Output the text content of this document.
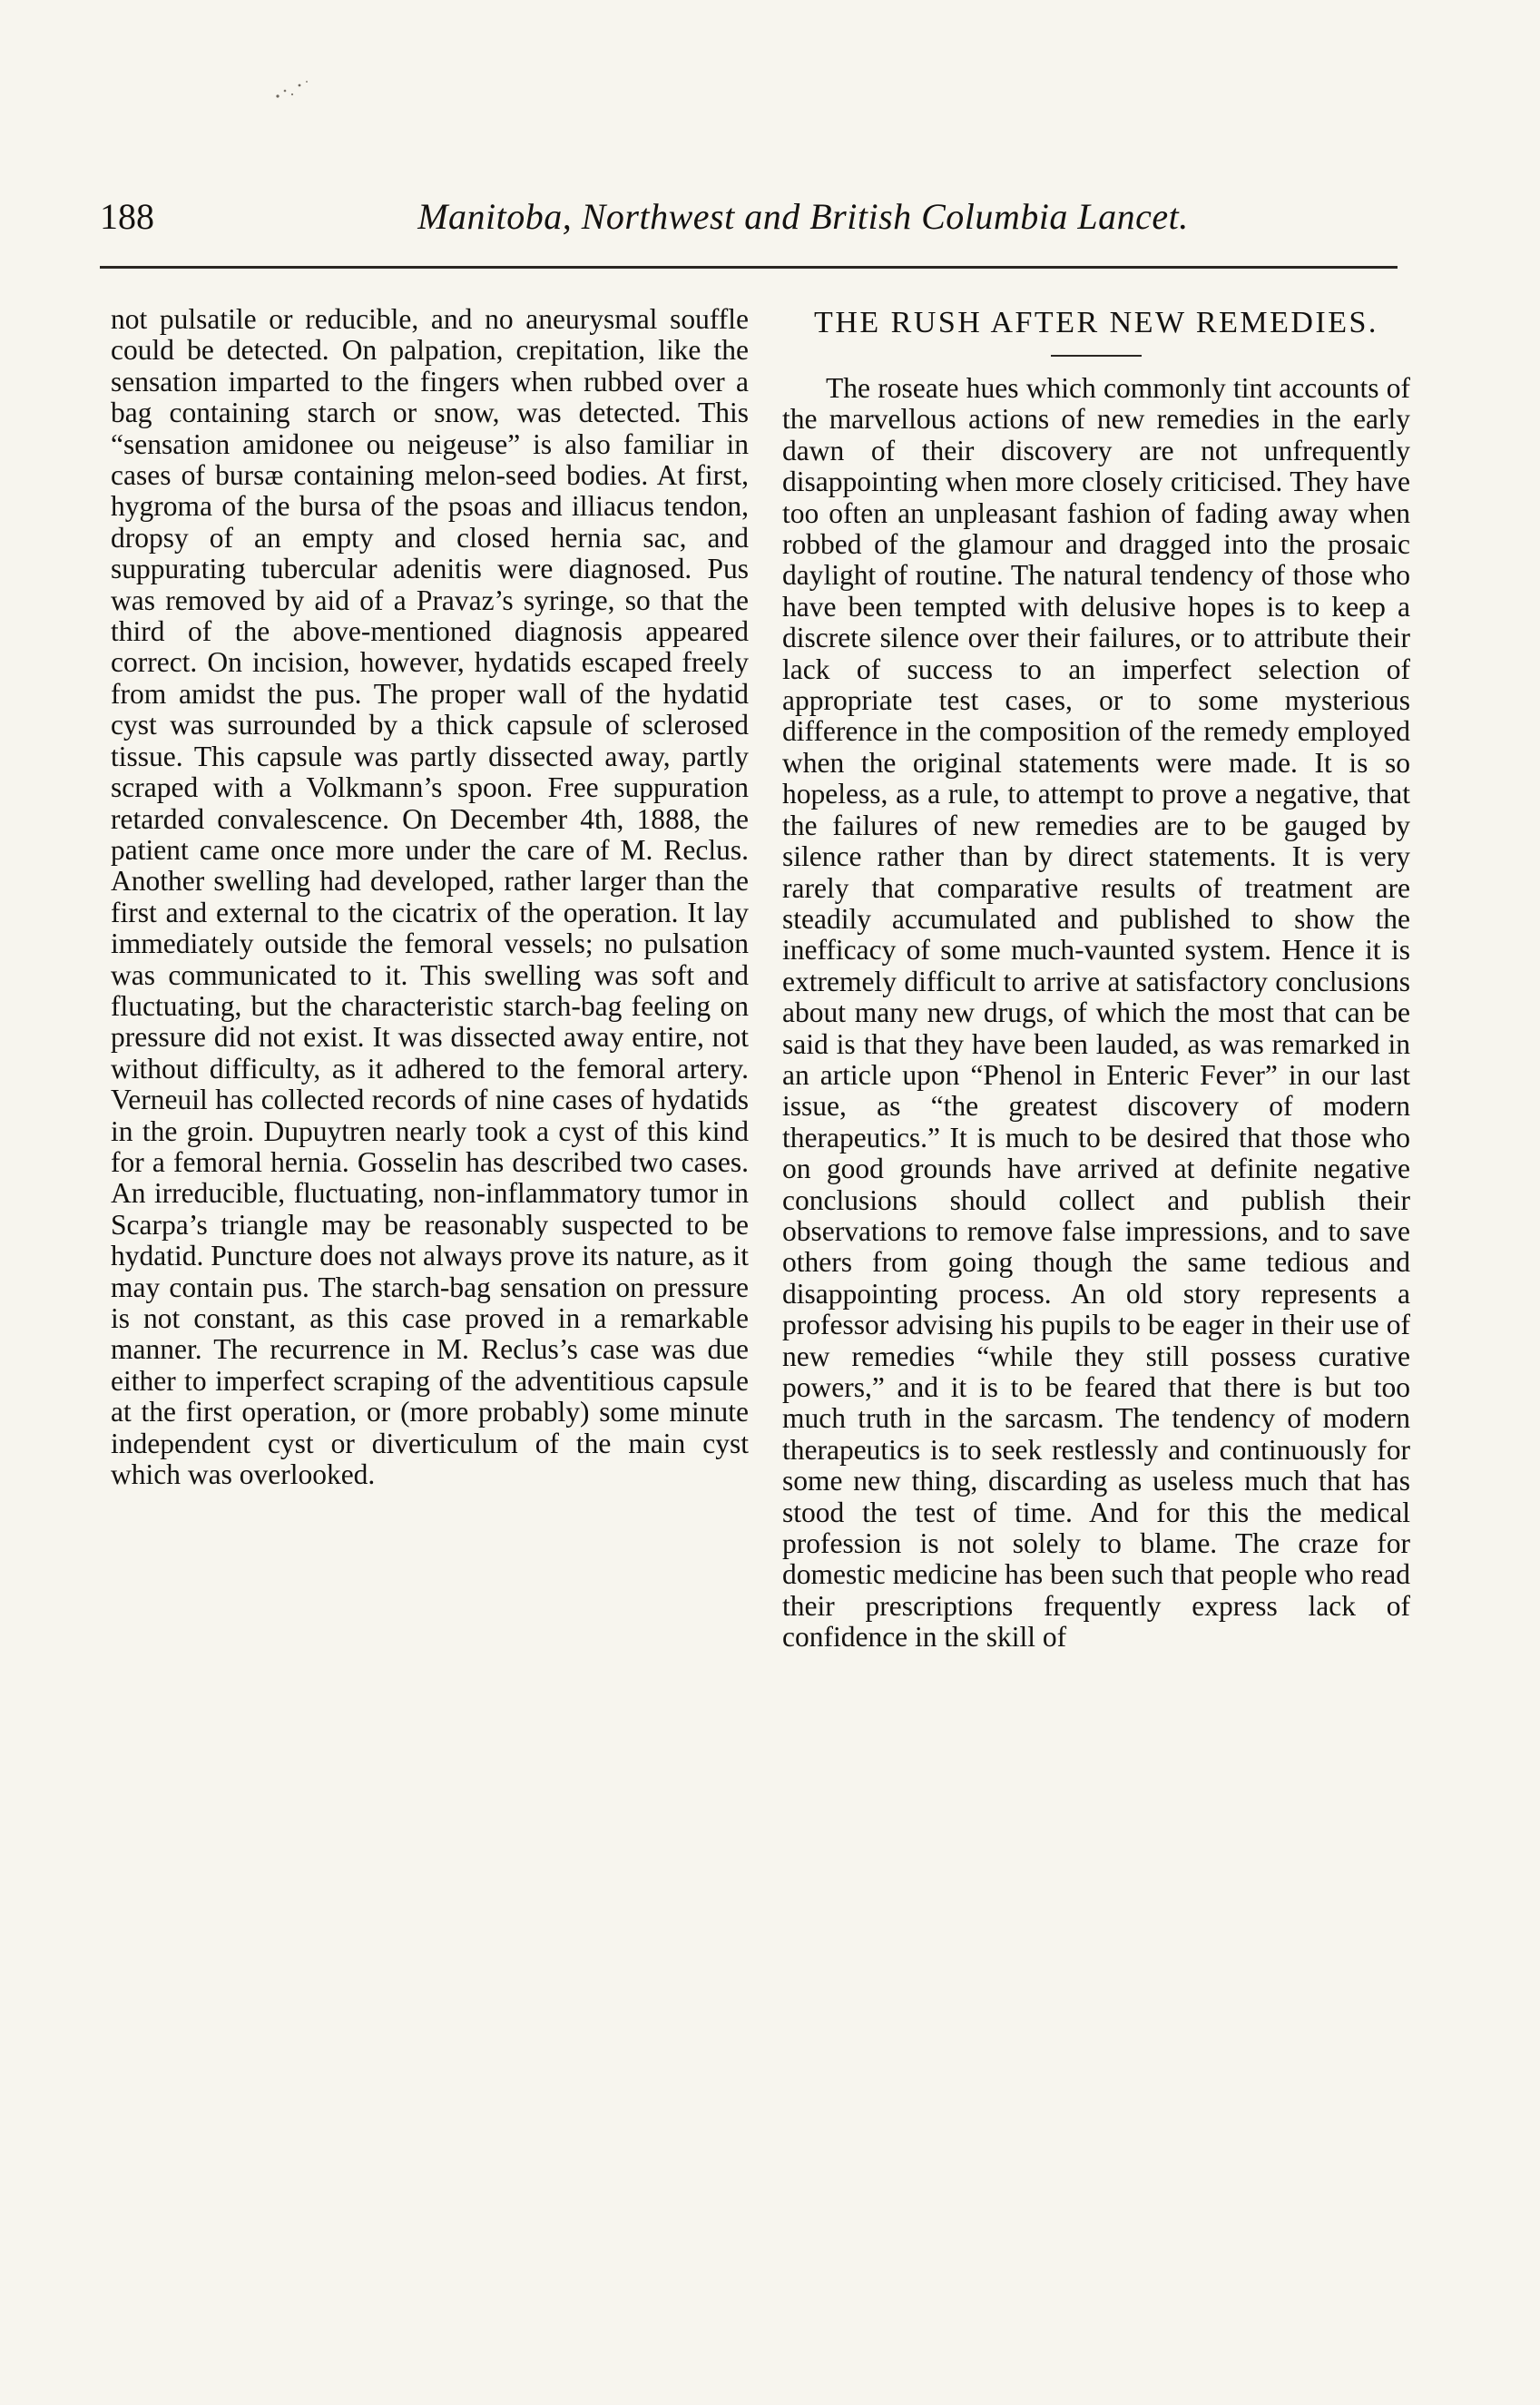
188	Manitoba, Northwest and British Columbia Lancet.

not pulsatile or reducible, and no aneurysmal souffle could be detected. On palpation, crepitation, like the sensation imparted to the fingers when rubbed over a bag containing starch or snow, was detected. This “sensation amidonee ou neigeuse” is also familiar in cases of bursæ containing melon-seed bodies. At first, hygroma of the bursa of the psoas and illiacus tendon, dropsy of an empty and closed hernia sac, and suppurating tubercular adenitis were diagnosed. Pus was removed by aid of a Pravaz’s syringe, so that the third of the above-mentioned diagnosis appeared correct. On incision, however, hydatids escaped freely from amidst the pus. The proper wall of the hydatid cyst was surrounded by a thick capsule of sclerosed tissue. This capsule was partly dissected away, partly scraped with a Volkmann’s spoon. Free suppuration retarded convalescence. On December 4th, 1888, the patient came once more under the care of M. Reclus. Another swelling had developed, rather larger than the first and external to the cicatrix of the operation. It lay immediately outside the femoral vessels; no pulsation was communicated to it. This swelling was soft and fluctuating, but the characteristic starch-bag feeling on pressure did not exist. It was dissected away entire, not without difficulty, as it adhered to the femoral artery. Verneuil has collected records of nine cases of hydatids in the groin. Dupuytren nearly took a cyst of this kind for a femoral hernia. Gosselin has described two cases. An irreducible, fluctuating, non-inflammatory tumor in Scarpa’s triangle may be reasonably suspected to be hydatid. Puncture does not always prove its nature, as it may contain pus. The starch-bag sensation on pressure is not constant, as this case proved in a remarkable manner. The recurrence in M. Reclus’s case was due either to imperfect scraping of the adventitious capsule at the first operation, or (more probably) some minute independent cyst or diverticulum of the main cyst which was overlooked.

THE RUSH AFTER NEW REMEDIES.

The roseate hues which commonly tint accounts of the marvellous actions of new remedies in the early dawn of their discovery are not unfrequently disappointing when more closely criticised. They have too often an unpleasant fashion of fading away when robbed of the glamour and dragged into the prosaic daylight of routine. The natural tendency of those who have been tempted with delusive hopes is to keep a discrete silence over their failures, or to attribute their lack of success to an imperfect selection of appropriate test cases, or to some mysterious difference in the composition of the remedy employed when the original statements were made. It is so hopeless, as a rule, to attempt to prove a negative, that the failures of new remedies are to be gauged by silence rather than by direct statements. It is very rarely that comparative results of treatment are steadily accumulated and published to show the inefficacy of some much-vaunted system. Hence it is extremely difficult to arrive at satisfactory conclusions about many new drugs, of which the most that can be said is that they have been lauded, as was remarked in an article upon “Phenol in Enteric Fever” in our last issue, as “the greatest discovery of modern therapeutics.” It is much to be desired that those who on good grounds have arrived at definite negative conclusions should collect and publish their observations to remove false impressions, and to save others from going though the same tedious and disappointing process. An old story represents a professor advising his pupils to be eager in their use of new remedies “while they still possess curative powers,” and it is to be feared that there is but too much truth in the sarcasm. The tendency of modern therapeutics is to seek restlessly and continuously for some new thing, discarding as useless much that has stood the test of time. And for this the medical profession is not solely to blame. The craze for domestic medicine has been such that people who read their prescriptions frequently express lack of confidence in the skill of
